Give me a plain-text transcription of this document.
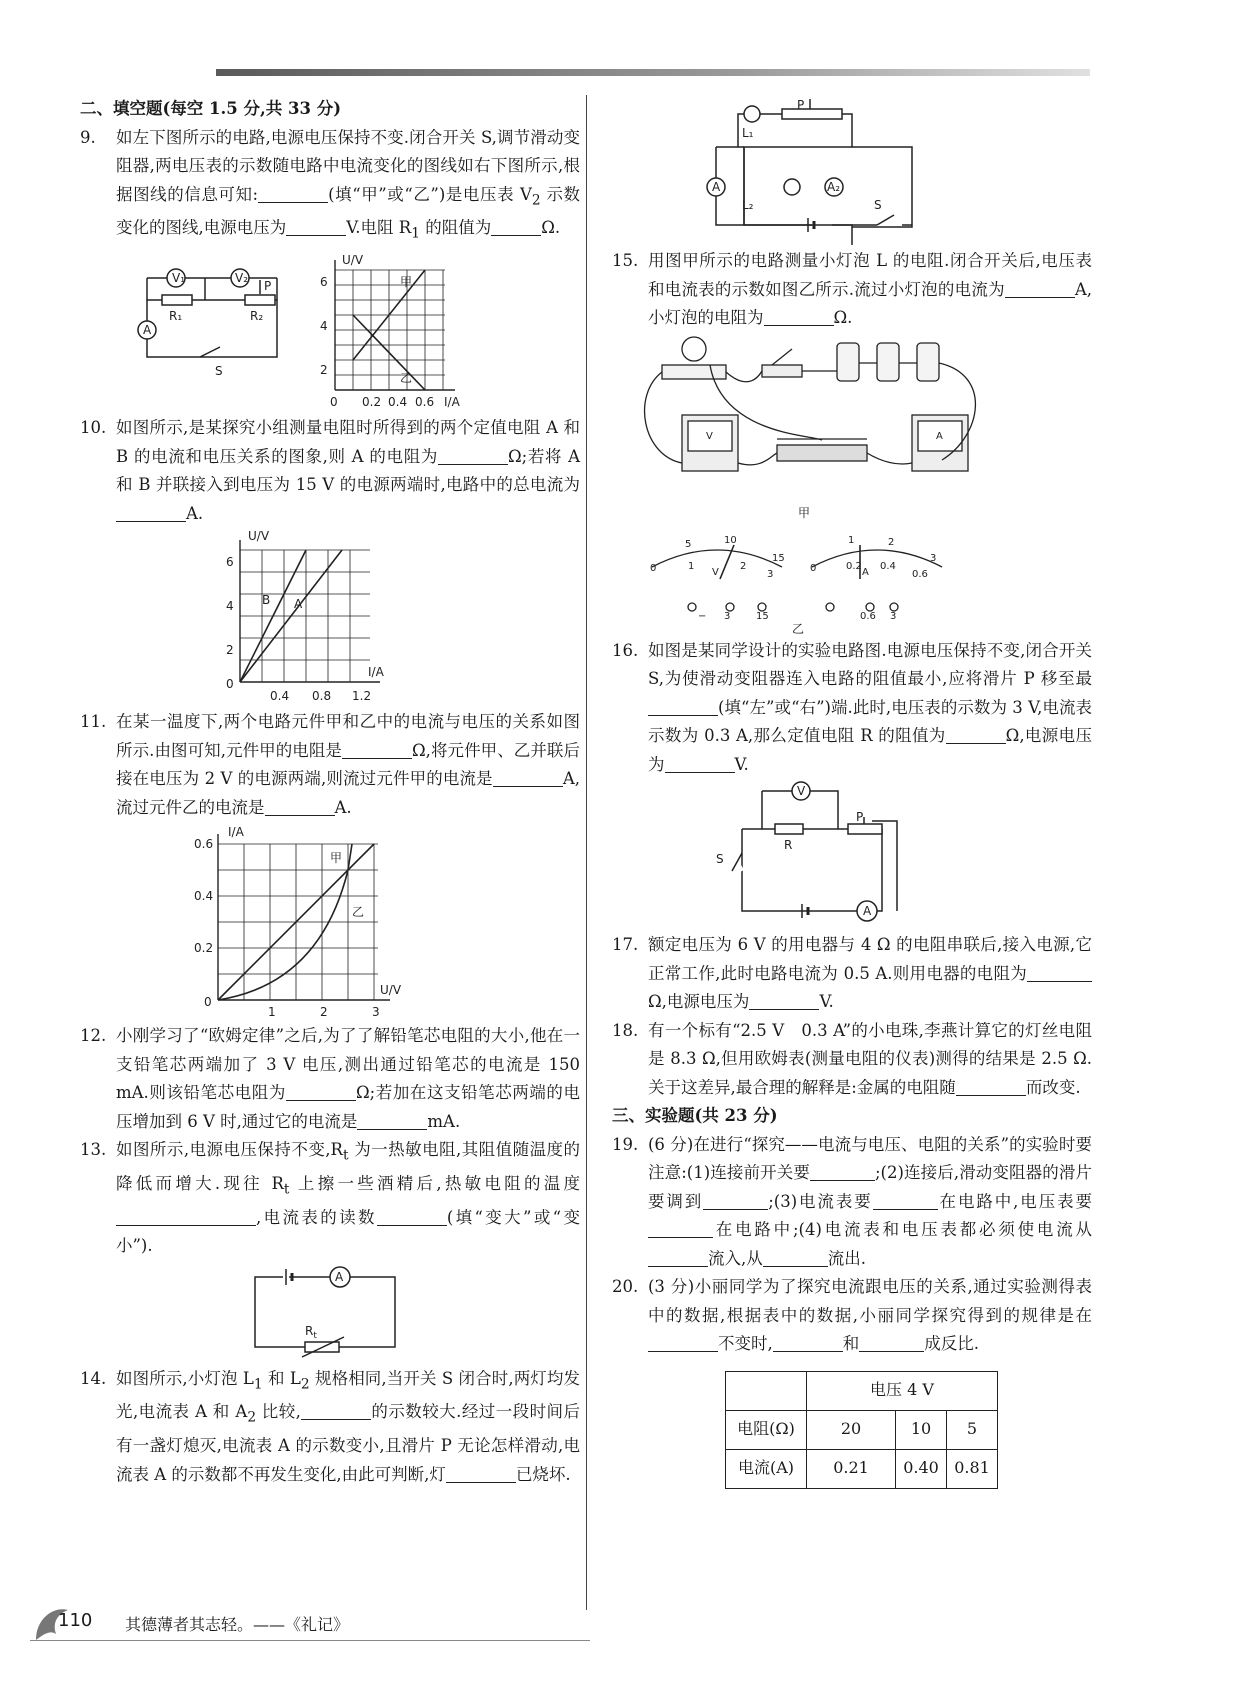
二、填空题(每空 1.5 分,共 33 分)

9. 如左下图所示的电路,电源电压保持不变.闭合开关 S,调节滑动变阻器,两电压表的示数随电路中电流变化的图线如右下图所示,根据图线的信息可知:	(填“甲”或“乙”)是电压表 $V_2$ 示数变化的图线,电源电压为	V.电阻 $R_1$ 的阻值为	Ω.

V₁	V₂
R₁	R₂
P
A
S
U/V
I/A
6
4
2
0 0.2 0.4 0.6
甲
乙

10. 如图所示,是某探究小组测量电阻时所得到的两个定值电阻 A 和 B 的电流和电压关系的图象,则 A 的电阻为	Ω;若将 A 和 B 并联接入到电压为 15 V 的电源两端时,电路中的总电流为A.

U/V
I/A
6
4
2
0
0.4 0.8 1.2
B A

11. 在某一温度下,两个电路元件甲和乙中的电流与电压的关系如图所示.由图可知,元件甲的电阻是	Ω,将元件甲、乙并联后接在电压为 2 V 的电源两端,则流过元件甲的电流是	A,流过元件乙的电流是	A.

I/A
U/V
0.6
0.4
0.2
0
1	2	3
甲
乙

12. 小刚学习了“欧姆定律”之后,为了了解铅笔芯电阻的大小,他在一支铅笔芯两端加了 3 V 电压,测出通过铅笔芯的电流是 150 mA.则该铅笔芯电阻为	Ω;若加在这支铅笔芯两端的电压增加到 6 V 时,通过它的电流是	mA.

13. 如图所示,电源电压保持不变$,R_t$ 为一热敏电阻,其阻值随温度的降低而增大.现往 $R_t$ 上擦一些酒精后,热敏电阻的温度,电流表的读数	(填“变大”或“变小”).

A
$R_t$

14. 如图所示,小灯泡 $L_1$ 和 $L_2$ 规格相同,当开关 S 闭合时,两灯均发光,电流表 A 和 $A_2$ 比较,	的示数较大.经过一段时间后有一盏灯熄灭,电流表 A 的示数变小,且滑片 P 无论怎样滑动,电流表 A 的示数都不再发生变化,由此可判断,灯	已烧坏.

P
L₁
L₂
A	A₂
S

15. 用图甲所示的电路测量小灯泡 L 的电阻.闭合开关后,电压表和电流表的示数如图乙所示.流过小灯泡的电流为	A,小灯泡的电阻为	Ω.

V	A
甲
0
5	10
15
1	2
3
V	0
1	2
3
0.2 0.4
0.6
A
− 3	15	0.6 3
乙

16. 如图是某同学设计的实验电路图.电源电压保持不变,闭合开关 S,为使滑动变阻器连入电路的阻值最小,应将滑片 P 移至最(填“左”或“右”)端.此时,电压表的示数为 3 V,电流表示数为 0.3 A,那么定值电阻 R 的阻值为	Ω,电源电压为	V.

V
P
R
S
A

17. 额定电压为 6 V 的用电器与 4 Ω 的电阻串联后,接入电源,它正常工作,此时电路电流为 0.5 A.则用电器的电阻为Ω,电源电压为	V.

18. 有一个标有“2.5 V　0.3 A”的小电珠,李燕计算它的灯丝电阻是 8.3 Ω,但用欧姆表(测量电阻的仪表)测得的结果是 2.5 Ω.关于这差异,最合理的解释是:金属的电阻随	而改变.

三、实验题(共 23 分)

19. (6 分)在进行“探究——电流与电压、电阻的关系”的实验时要注意:(1)连接前开关要	;(2)连接后,滑动变阻器的滑片要调到	;(3)电流表要	在电路中,电压表要在电路中;(4)电流表和电压表都必须使电流从流入,从	流出.

20. (3 分)小丽同学为了探究电流跟电压的关系,通过实验测得表中的数据,根据表中的数据,小丽同学探究得到的规律是在不变时,	和	成反比.

	电压 4 V		
电阻(Ω)	20	10	5
电流(A)	0.21	0.40	0.81
110 其德薄者其志轻。——《礼记》
